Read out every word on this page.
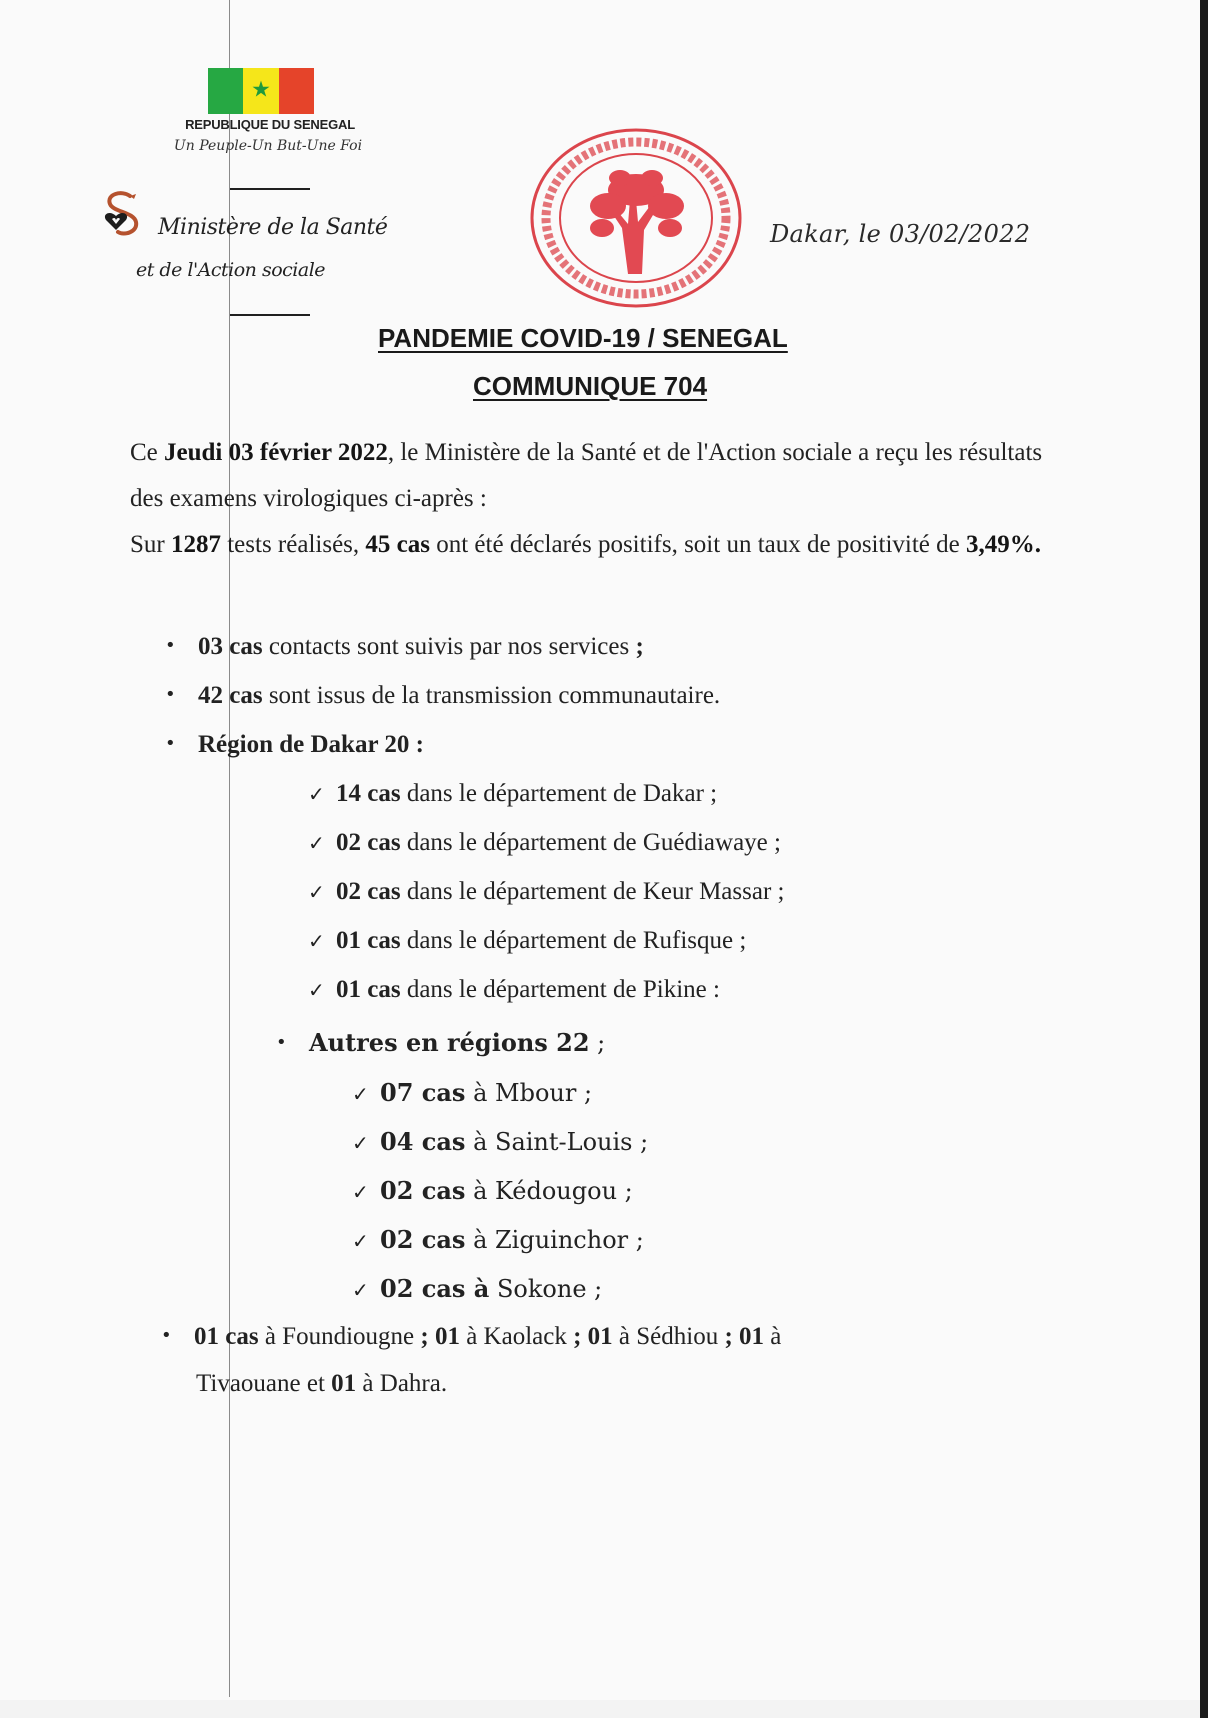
★
REPUBLIQUE DU SENEGAL
Un Peuple-Un But-Une Foi
Ministère de la Santé
et de l'Action sociale
Dakar, le 03/02/2022
PANDEMIE COVID-19 / SENEGAL
COMMUNIQUE 704
Ce Jeudi 03 février 2022, le Ministère de la Santé et de l'Action sociale a reçu les résultats des examens virologiques ci-après :
Sur 1287 tests réalisés, 45 cas ont été déclarés positifs, soit un taux de positivité de 3,49%.
• 03 cas contacts sont suivis par nos services ;
• 42 cas sont issus de la transmission communautaire.
• Région de Dakar 20 :
✓ 14 cas dans le département de Dakar ;
✓ 02 cas dans le département de Guédiawaye ;
✓ 02 cas dans le département de Keur Massar ;
✓ 01 cas dans le département de Rufisque ;
✓ 01 cas dans le département de Pikine :
• Autres en régions 22 ;
✓ 07 cas à Mbour ;
✓ 04 cas à Saint-Louis ;
✓ 02 cas à Kédougou ;
✓ 02 cas à Ziguinchor ;
✓ 02 cas à Sokone ;
• 01 cas à Foundiougne ; 01 à Kaolack ; 01 à Sédhiou ; 01 à
Tivaouane et 01 à Dahra.
